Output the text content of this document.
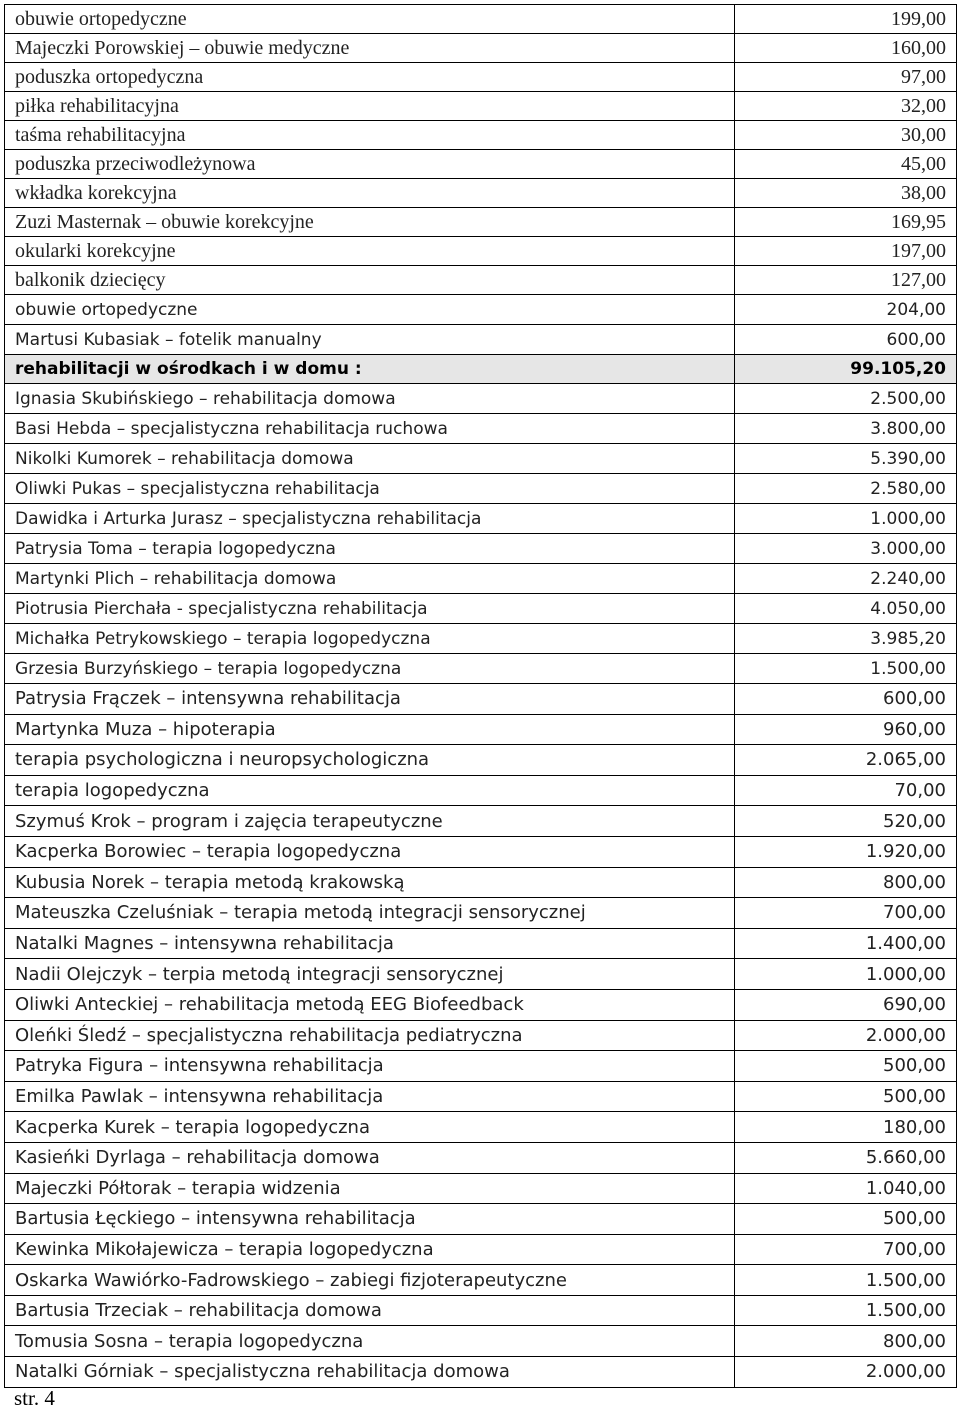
obuwie ortopedyczne	199,00
Majeczki Porowskiej – obuwie medyczne	160,00
poduszka ortopedyczna	97,00
piłka rehabilitacyjna	32,00
taśma rehabilitacyjna	30,00
poduszka przeciwodleżynowa	45,00
wkładka korekcyjna	38,00
Zuzi Masternak – obuwie korekcyjne	169,95
okularki korekcyjne	197,00
balkonik dziecięcy	127,00
obuwie ortopedyczne	204,00
Martusi Kubasiak – fotelik manualny	600,00
rehabilitacji w ośrodkach i w domu :	99.105,20
Ignasia Skubińskiego – rehabilitacja domowa	2.500,00
Basi Hebda – specjalistyczna rehabilitacja ruchowa	3.800,00
Nikolki Kumorek – rehabilitacja domowa	5.390,00
Oliwki Pukas – specjalistyczna rehabilitacja	2.580,00
Dawidka i Arturka Jurasz – specjalistyczna rehabilitacja	1.000,00
Patrysia Toma – terapia logopedyczna	3.000,00
Martynki Plich – rehabilitacja domowa	2.240,00
Piotrusia Pierchała - specjalistyczna rehabilitacja	4.050,00
Michałka Petrykowskiego – terapia logopedyczna	3.985,20
Grzesia Burzyńskiego – terapia logopedyczna	1.500,00
Patrysia Frączek – intensywna rehabilitacja	600,00
Martynka Muza – hipoterapia	960,00
terapia psychologiczna i neuropsychologiczna	2.065,00
terapia logopedyczna	70,00
Szymuś Krok – program i zajęcia terapeutyczne	520,00
Kacperka Borowiec – terapia logopedyczna	1.920,00
Kubusia Norek – terapia metodą krakowską	800,00
Mateuszka Czeluśniak – terapia metodą integracji sensorycznej	700,00
Natalki Magnes – intensywna rehabilitacja	1.400,00
Nadii Olejczyk – terpia metodą integracji sensorycznej	1.000,00
Oliwki Anteckiej – rehabilitacja metodą EEG Biofeedback	690,00
Oleńki Śledź – specjalistyczna rehabilitacja pediatryczna	2.000,00
Patryka Figura – intensywna rehabilitacja	500,00
Emilka Pawlak – intensywna rehabilitacja	500,00
Kacperka Kurek – terapia logopedyczna	180,00
Kasieńki Dyrlaga – rehabilitacja domowa	5.660,00
Majeczki Półtorak – terapia widzenia	1.040,00
Bartusia Łęckiego – intensywna rehabilitacja	500,00
Kewinka Mikołajewicza – terapia logopedyczna	700,00
Oskarka Wawiórko-Fadrowskiego – zabiegi fizjoterapeutyczne	1.500,00
Bartusia Trzeciak – rehabilitacja domowa	1.500,00
Tomusia Sosna – terapia logopedyczna	800,00
Natalki Górniak – specjalistyczna rehabilitacja domowa	2.000,00
str. 4
